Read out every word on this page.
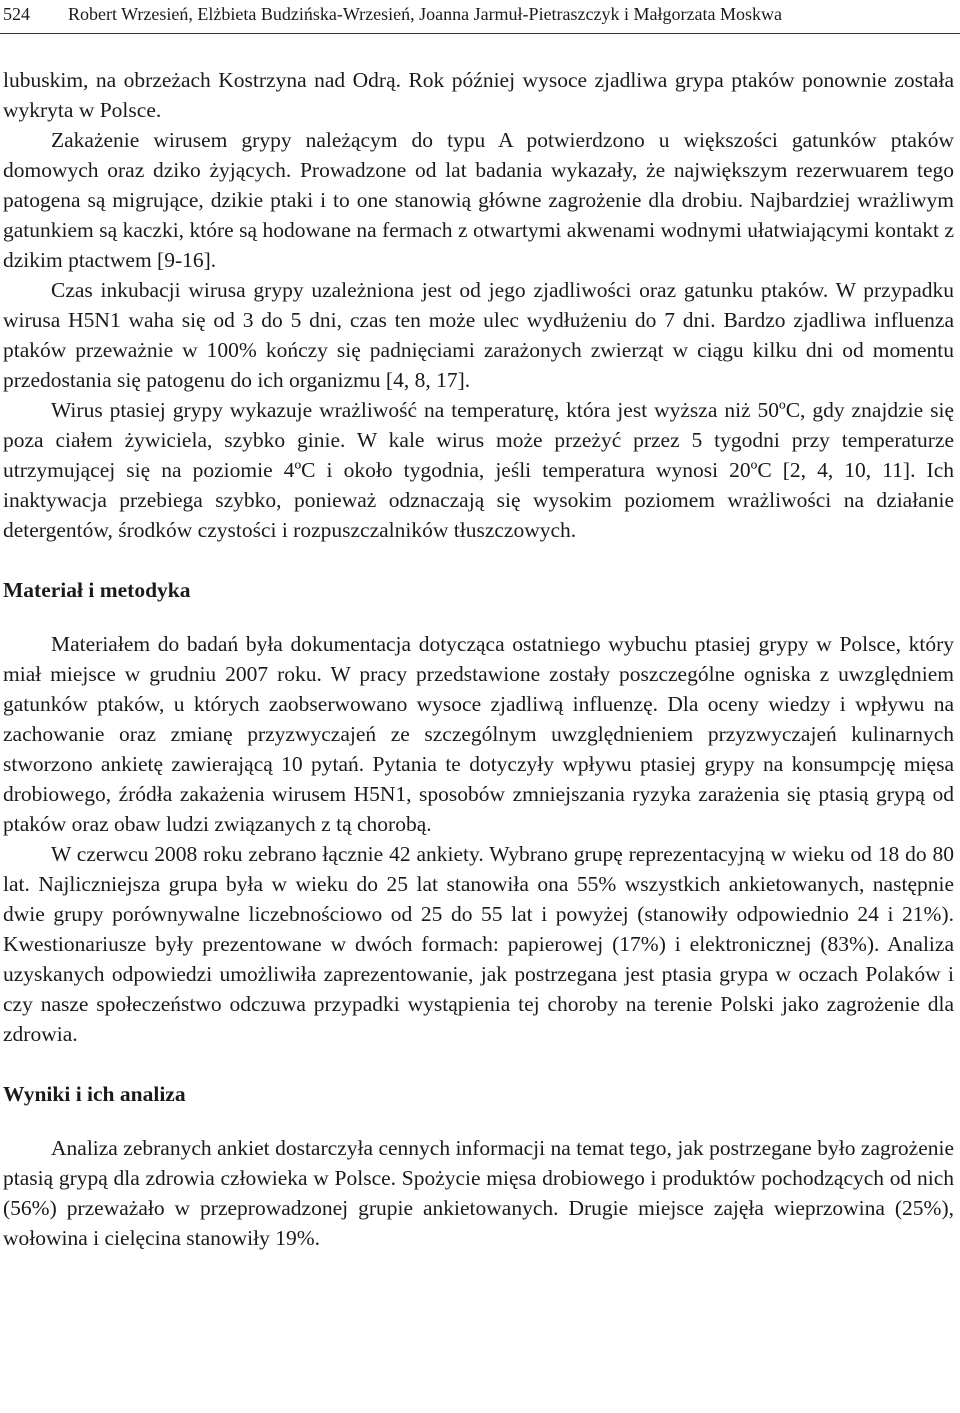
524 Robert Wrzesień, Elżbieta Budzińska-Wrzesień, Joanna Jarmuł-Pietraszczyk i Małgorzata Moskwa

lubuskim, na obrzeżach Kostrzyna nad Odrą. Rok później wysoce zjadliwa grypa ptaków ponownie została wykryta w Polsce.

Zakażenie wirusem grypy należącym do typu A potwierdzono u większości gatunków ptaków domowych oraz dziko żyjących. Prowadzone od lat badania wykazały, że największym rezerwuarem tego patogena są migrujące, dzikie ptaki i to one stanowią główne zagrożenie dla drobiu. Najbardziej wrażliwym gatunkiem są kaczki, które są hodowane na fermach z otwartymi akwenami wodnymi ułatwiającymi kontakt z dzikim ptactwem [9-16].

Czas inkubacji wirusa grypy uzależniona jest od jego zjadliwości oraz gatunku ptaków. W przypadku wirusa H5N1 waha się od 3 do 5 dni, czas ten może ulec wydłużeniu do 7 dni. Bardzo zjadliwa influenza ptaków przeważnie w 100% kończy się padnięciami zarażonych zwierząt w ciągu kilku dni od momentu przedostania się patogenu do ich organizmu [4, 8, 17].

Wirus ptasiej grypy wykazuje wrażliwość na temperaturę, która jest wyższa niż 50ºC, gdy znajdzie się poza ciałem żywiciela, szybko ginie. W kale wirus może przeżyć przez 5 tygodni przy temperaturze utrzymującej się na poziomie 4ºC i około tygodnia, jeśli temperatura wynosi 20ºC [2, 4, 10, 11]. Ich inaktywacja przebiega szybko, ponieważ odznaczają się wysokim poziomem wrażliwości na działanie detergentów, środków czystości i rozpuszczalników tłuszczowych.

Materiał i metodyka

Materiałem do badań była dokumentacja dotycząca ostatniego wybuchu ptasiej grypy w Polsce, który miał miejsce w grudniu 2007 roku. W pracy przedstawione zostały poszczególne ogniska z uwzględniem gatunków ptaków, u których zaobserwowano wysoce zjadliwą influenzę. Dla oceny wiedzy i wpływu na zachowanie oraz zmianę przyzwyczajeń ze szczególnym uwzględnieniem przyzwyczajeń kulinarnych stworzono ankietę zawierającą 10 pytań. Pytania te dotyczyły wpływu ptasiej grypy na konsumpcję mięsa drobiowego, źródła zakażenia wirusem H5N1, sposobów zmniejszania ryzyka zarażenia się ptasią grypą od ptaków oraz obaw ludzi związanych z tą chorobą.

W czerwcu 2008 roku zebrano łącznie 42 ankiety. Wybrano grupę reprezentacyjną w wieku od 18 do 80 lat. Najliczniejsza grupa była w wieku do 25 lat stanowiła ona 55% wszystkich ankietowanych, następnie dwie grupy porównywalne liczebnościowo od 25 do 55 lat i powyżej (stanowiły odpowiednio 24 i 21%). Kwestionariusze były prezentowane w dwóch formach: papierowej (17%) i elektronicznej (83%). Analiza uzyskanych odpowiedzi umożliwiła zaprezentowanie, jak postrzegana jest ptasia grypa w oczach Polaków i czy nasze społeczeństwo odczuwa przypadki wystąpienia tej choroby na terenie Polski jako zagrożenie dla zdrowia.

Wyniki i ich analiza

Analiza zebranych ankiet dostarczyła cennych informacji na temat tego, jak postrzegane było zagrożenie ptasią grypą dla zdrowia człowieka w Polsce. Spożycie mięsa drobiowego i produktów pochodzących od nich (56%) przeważało w przeprowadzonej grupie ankietowanych. Drugie miejsce zajęła wieprzowina (25%), wołowina i cielęcina stanowiły 19%.
